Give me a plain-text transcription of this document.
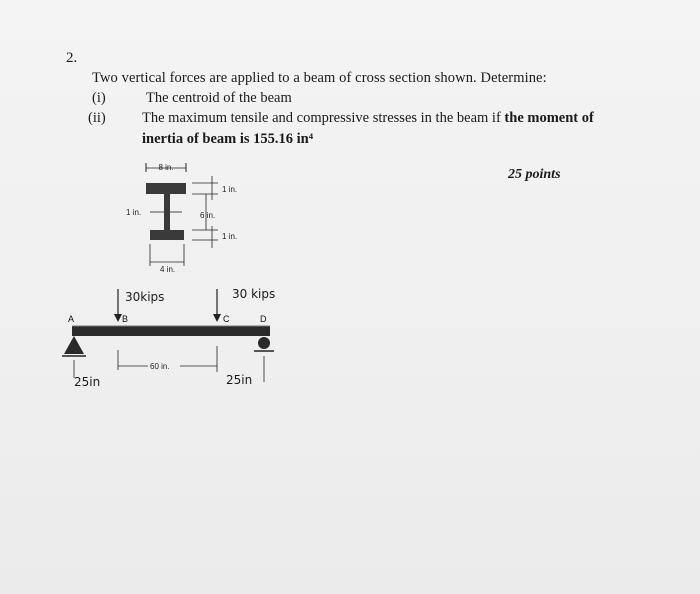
2.
Two vertical forces are applied to a beam of cross section shown. Determine:
(i)	The centroid of the beam
(ii)	The maximum tensile and compressive stresses in the beam if the moment of
inertia of beam is 155.16 in⁴
25 points
8 in.
1 in.
6 in.
1 in.
1 in.
4 in.
30kips	30 kips
A	B	C	D
60 in.
25in	25in
